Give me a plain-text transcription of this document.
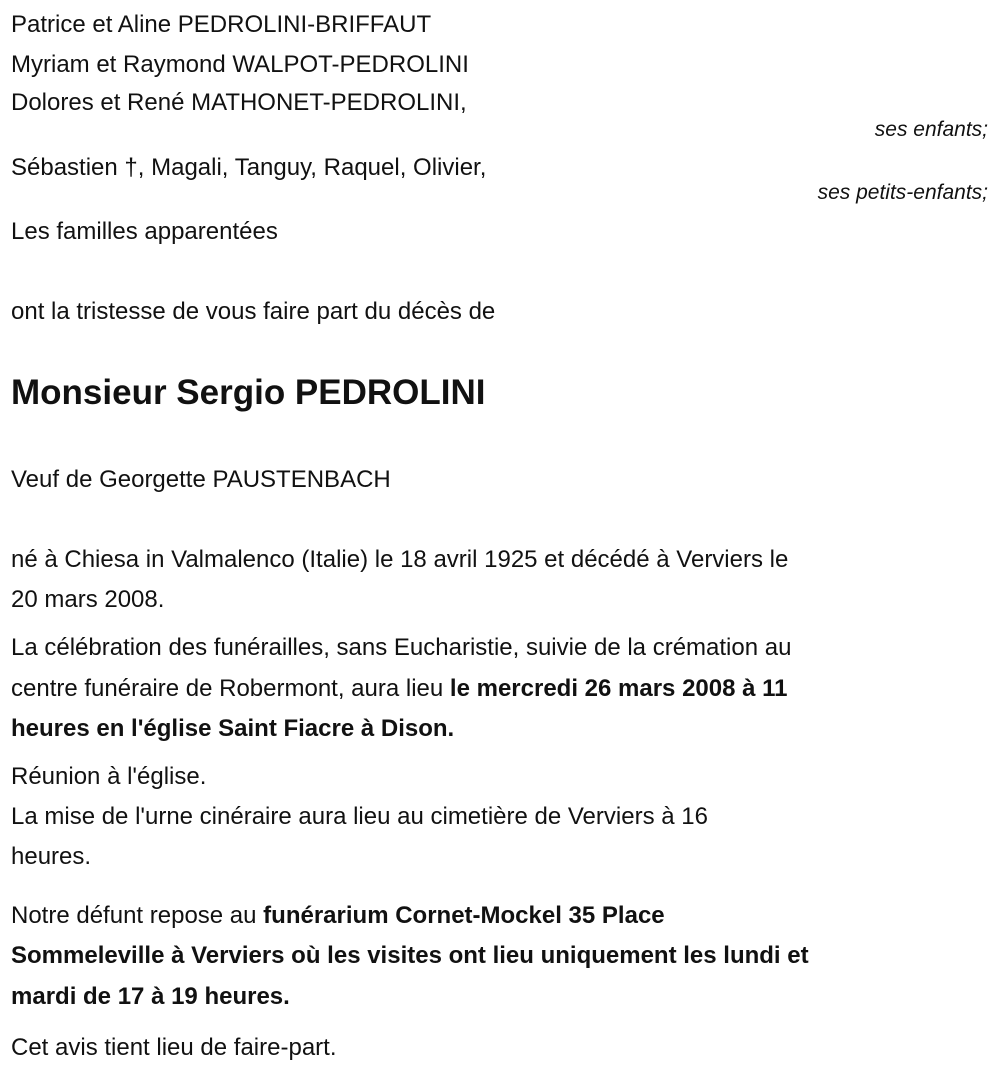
Patrice et Aline PEDROLINI-BRIFFAUT
Myriam et Raymond WALPOT-PEDROLINI
Dolores et René MATHONET-PEDROLINI,
ses enfants;
Sébastien †, Magali, Tanguy, Raquel, Olivier,
ses petits-enfants;
Les familles apparentées
ont la tristesse de vous faire part du décès de
Monsieur Sergio PEDROLINI
Veuf de Georgette PAUSTENBACH
né à Chiesa in Valmalenco (Italie) le 18 avril 1925 et décédé à Verviers le
20 mars 2008.
La célébration des funérailles, sans Eucharistie, suivie de la crémation au
centre funéraire de Robermont, aura lieu le mercredi 26 mars 2008 à 11
heures en l'église Saint Fiacre à Dison.
Réunion à l'église.
La mise de l'urne cinéraire aura lieu au cimetière de Verviers à 16
heures.
Notre défunt repose au funérarium Cornet-Mockel 35 Place
Sommeleville à Verviers où les visites ont lieu uniquement les lundi et
mardi de 17 à 19 heures.
Cet avis tient lieu de faire-part.
